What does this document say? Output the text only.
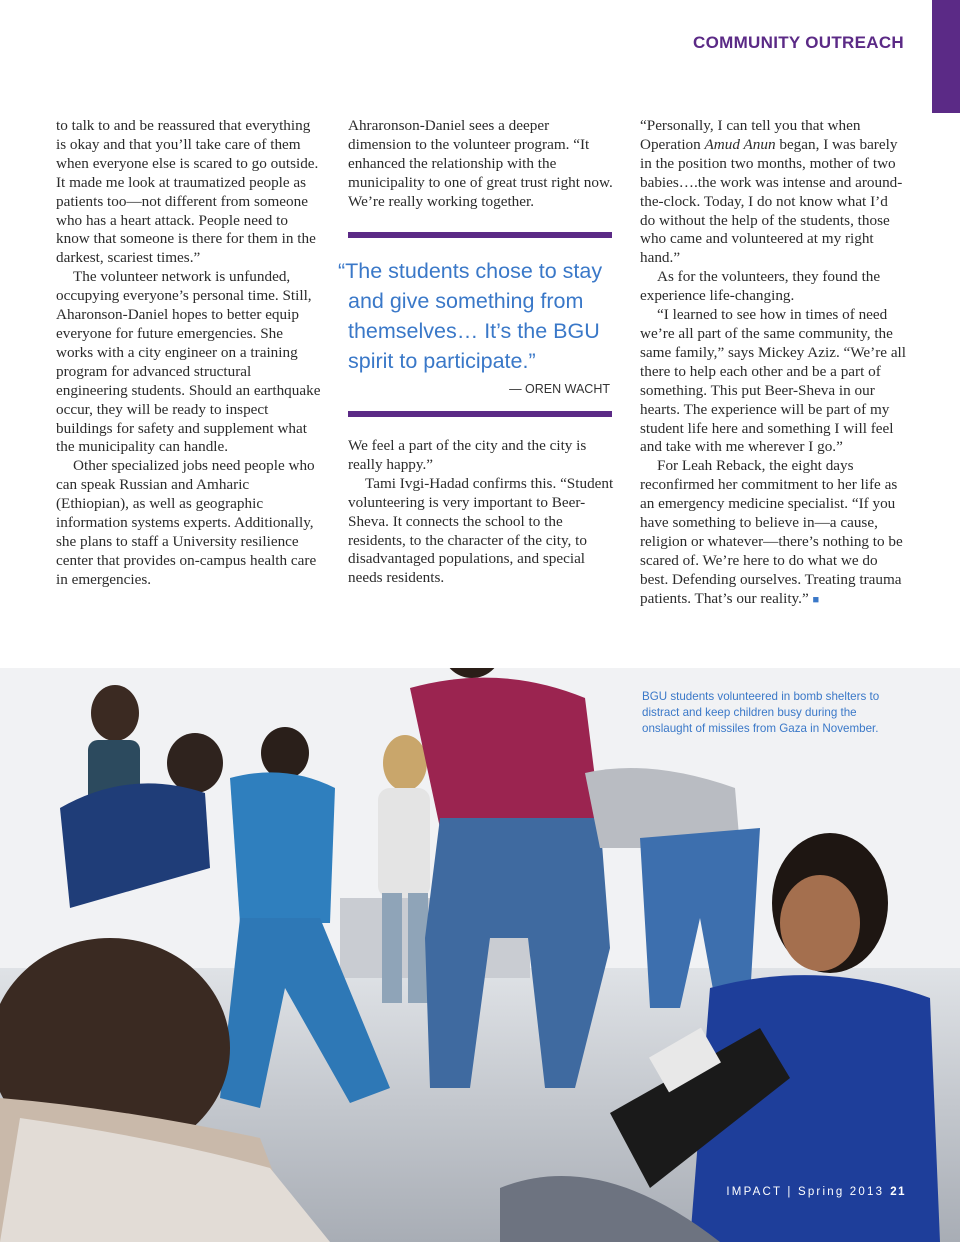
COMMUNITY OUTREACH

to talk to and be reassured that everything is okay and that you’ll take care of them when everyone else is scared to go outside. It made me look at traumatized people as patients too—not different from someone who has a heart attack. People need to know that someone is there for them in the darkest, scariest times.”

The volunteer network is unfunded, occupying everyone’s personal time. Still, Aharonson-Daniel hopes to better equip everyone for future emergencies. She works with a city engineer on a training program for advanced structural engineering students. Should an earthquake occur, they will be ready to inspect buildings for safety and supplement what the municipality can handle.

Other specialized jobs need people who can speak Russian and Amharic (Ethiopian), as well as geographic information systems experts. Additionally, she plans to staff a University resilience center that provides on-campus health care in emergencies.

Ahraronson-Daniel sees a deeper dimension to the volunteer program. “It enhanced the relationship with the municipality to one of great trust right now. We’re really working together.

“The students chose to stay
and give something from
themselves… It’s the BGU
spirit to participate.”
— OREN WACHT

We feel a part of the city and the city is really happy.”

Tami Ivgi-Hadad confirms this. “Student volunteering is very important to Beer-Sheva. It connects the school to the residents, to the character of the city, to disadvantaged populations, and special needs residents.

“Personally, I can tell you that when Operation Amud Anun began, I was barely in the position two months, mother of two babies….the work was intense and around-the-clock. Today, I do not know what I’d do without the help of the students, those who came and volunteered at my right hand.”

As for the volunteers, they found the experience life-changing.

“I learned to see how in times of need we’re all part of the same community, the same family,” says Mickey Aziz. “We’re all there to help each other and be a part of something. This put Beer-Sheva in our hearts. The experience will be part of my student life here and something I will feel and take with me wherever I go.”

For Leah Reback, the eight days reconfirmed her commitment to her life as an emergency medicine specialist. “If you have something to believe in—a cause, religion or whatever—there’s nothing to be scared of. We’re here to do what we do best. Defending ourselves. Treating trauma patients. That’s our reality.” ■

BGU students volunteered in bomb shelters to distract and keep children busy during the onslaught of missiles from Gaza in November.
IMPACT | Spring 2013 21
